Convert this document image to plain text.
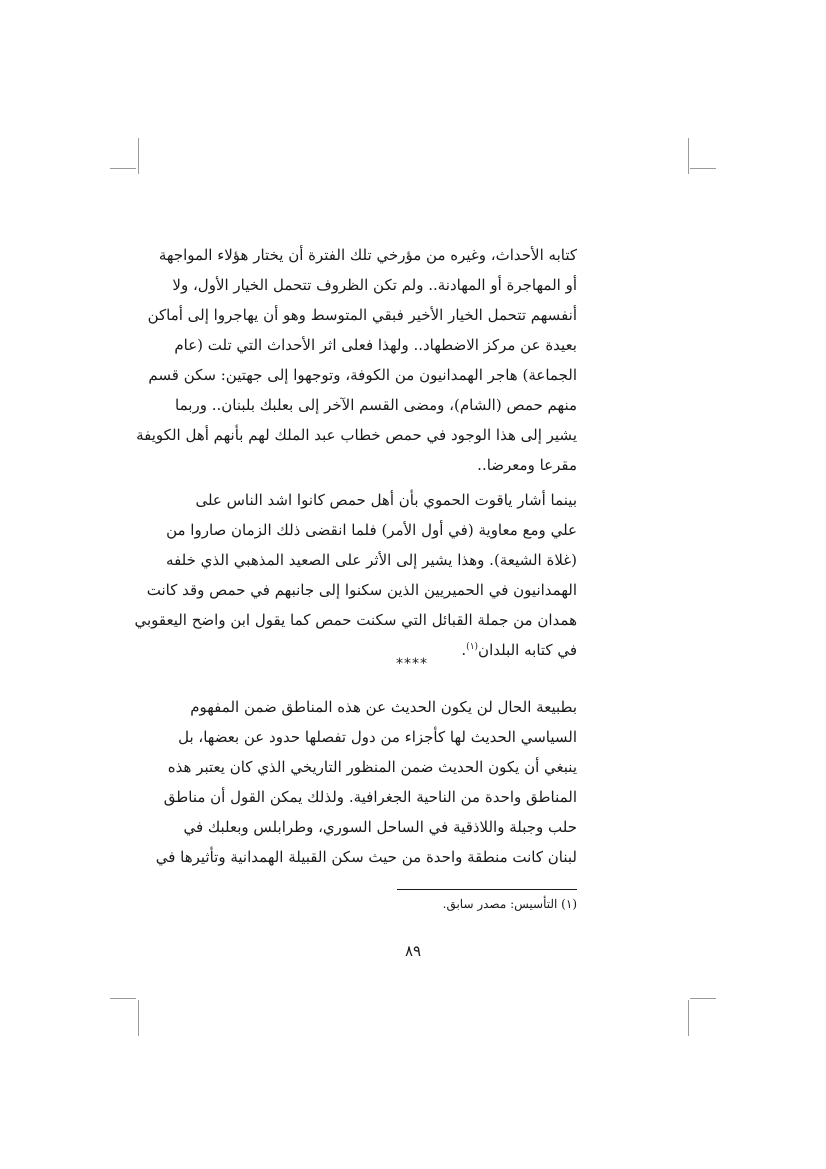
كتابه الأحداث، وغيره من مؤرخي تلك الفترة أن يختار هؤلاء المواجهة
أو المهاجرة أو المهادنة.. ولم تكن الظروف تتحمل الخيار الأول، ولا
أنفسهم تتحمل الخيار الأخير فبقي المتوسط وهو أن يهاجروا إلى أماكن
بعيدة عن مركز الاضطهاد.. ولهذا فعلى اثر الأحداث التي تلت (عام
الجماعة) هاجر الهمدانيون من الكوفة، وتوجهوا إلى جهتين: سكن قسم
منهم حمص (الشام)، ومضى القسم الآخر إلى بعلبك بلبنان.. وربما
يشير إلى هذا الوجود في حمص خطاب عبد الملك لهم بأنهم أهل الكويفة
مقرعا ومعرضا..

بينما أشار ياقوت الحموي بأن أهل حمص كانوا اشد الناس على
علي ومع معاوية (في أول الأمر) فلما انقضى ذلك الزمان صاروا من
(غلاة الشيعة). وهذا يشير إلى الأثر على الصعيد المذهبي الذي خلفه
الهمدانيون في الحميريين الذين سكنوا إلى جانبهم في حمص وقد كانت
همدان من جملة القبائل التي سكنت حمص كما يقول ابن واضح اليعقوبي
في كتابه البلدان$^{(١)}$.

****

بطبيعة الحال لن يكون الحديث عن هذه المناطق ضمن المفهوم
السياسي الحديث لها كأجزاء من دول تفصلها حدود عن بعضها، بل
ينبغي أن يكون الحديث ضمن المنظور التاريخي الذي كان يعتبر هذه
المناطق واحدة من الناحية الجغرافية. ولذلك يمكن القول أن مناطق
حلب وجبلة واللاذقية في الساحل السوري، وطرابلس وبعلبك في
لبنان كانت منطقة واحدة من حيث سكن القبيلة الهمدانية وتأثيرها في

(١) التأسيس: مصدر سابق.
٨٩
